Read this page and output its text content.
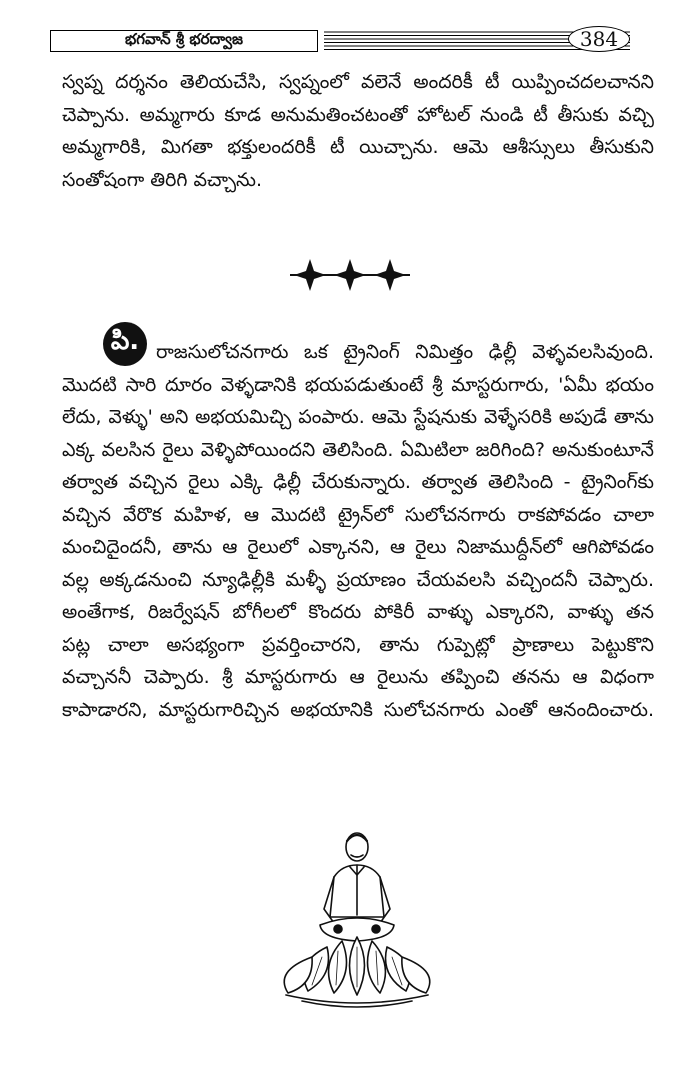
భగవాన్ శ్రీ భరద్వాజ	384
స్వప్న దర్శనం తెలియచేసి, స్వప్నంలో వలెనే అందరికీ టీ యిప్పించదలచానని
చెప్పాను. అమ్మగారు కూడ అనుమతించటంతో హోటల్ నుండి టీ తీసుకు వచ్చి
అమ్మగారికి, మిగతా భక్తులందరికీ టీ యిచ్చాను. ఆమె ఆశీస్సులు తీసుకుని
సంతోషంగా తిరిగి వచ్చాను.
పి. రాజసులోచనగారు ఒక ట్రైనింగ్ నిమిత్తం ఢిల్లీ వెళ్ళవలసివుంది.
మొదటి సారి దూరం వెళ్ళడానికి భయపడుతుంటే శ్రీ మాస్టరుగారు, 'ఏమీ భయం
లేదు, వెళ్ళు' అని అభయమిచ్చి పంపారు. ఆమె స్టేషనుకు వెళ్ళేసరికి అపుడే తాను
ఎక్క వలసిన రైలు వెళ్ళిపోయిందని తెలిసింది. ఏమిటిలా జరిగింది? అనుకుంటూనే
తర్వాత వచ్చిన రైలు ఎక్కి ఢిల్లీ చేరుకున్నారు. తర్వాత తెలిసింది - ట్రైనింగ్‌కు
వచ్చిన వేరొక మహిళ, ఆ మొదటి ట్రైన్‌లో సులోచనగారు రాకపోవడం చాలా
మంచిదైందనీ, తాను ఆ రైలులో ఎక్కానని, ఆ రైలు నిజాముద్దీన్‌లో ఆగిపోవడం
వల్ల అక్కడనుంచి న్యూఢిల్లీకి మళ్ళీ ప్రయాణం చేయవలసి వచ్చిందనీ చెప్పారు.
అంతేగాక, రిజర్వేషన్ బోగీలలో కొందరు పోకిరీ వాళ్ళు ఎక్కారని, వాళ్ళు తన
పట్ల చాలా అసభ్యంగా ప్రవర్తించారని, తాను గుప్పెట్లో ప్రాణాలు పెట్టుకొని
వచ్చాననీ చెప్పారు. శ్రీ మాస్టరుగారు ఆ రైలును తప్పించి తనను ఆ విధంగా
కాపాడారని, మాస్టరుగారిచ్చిన అభయానికి సులోచనగారు ఎంతో ఆనందించారు.
